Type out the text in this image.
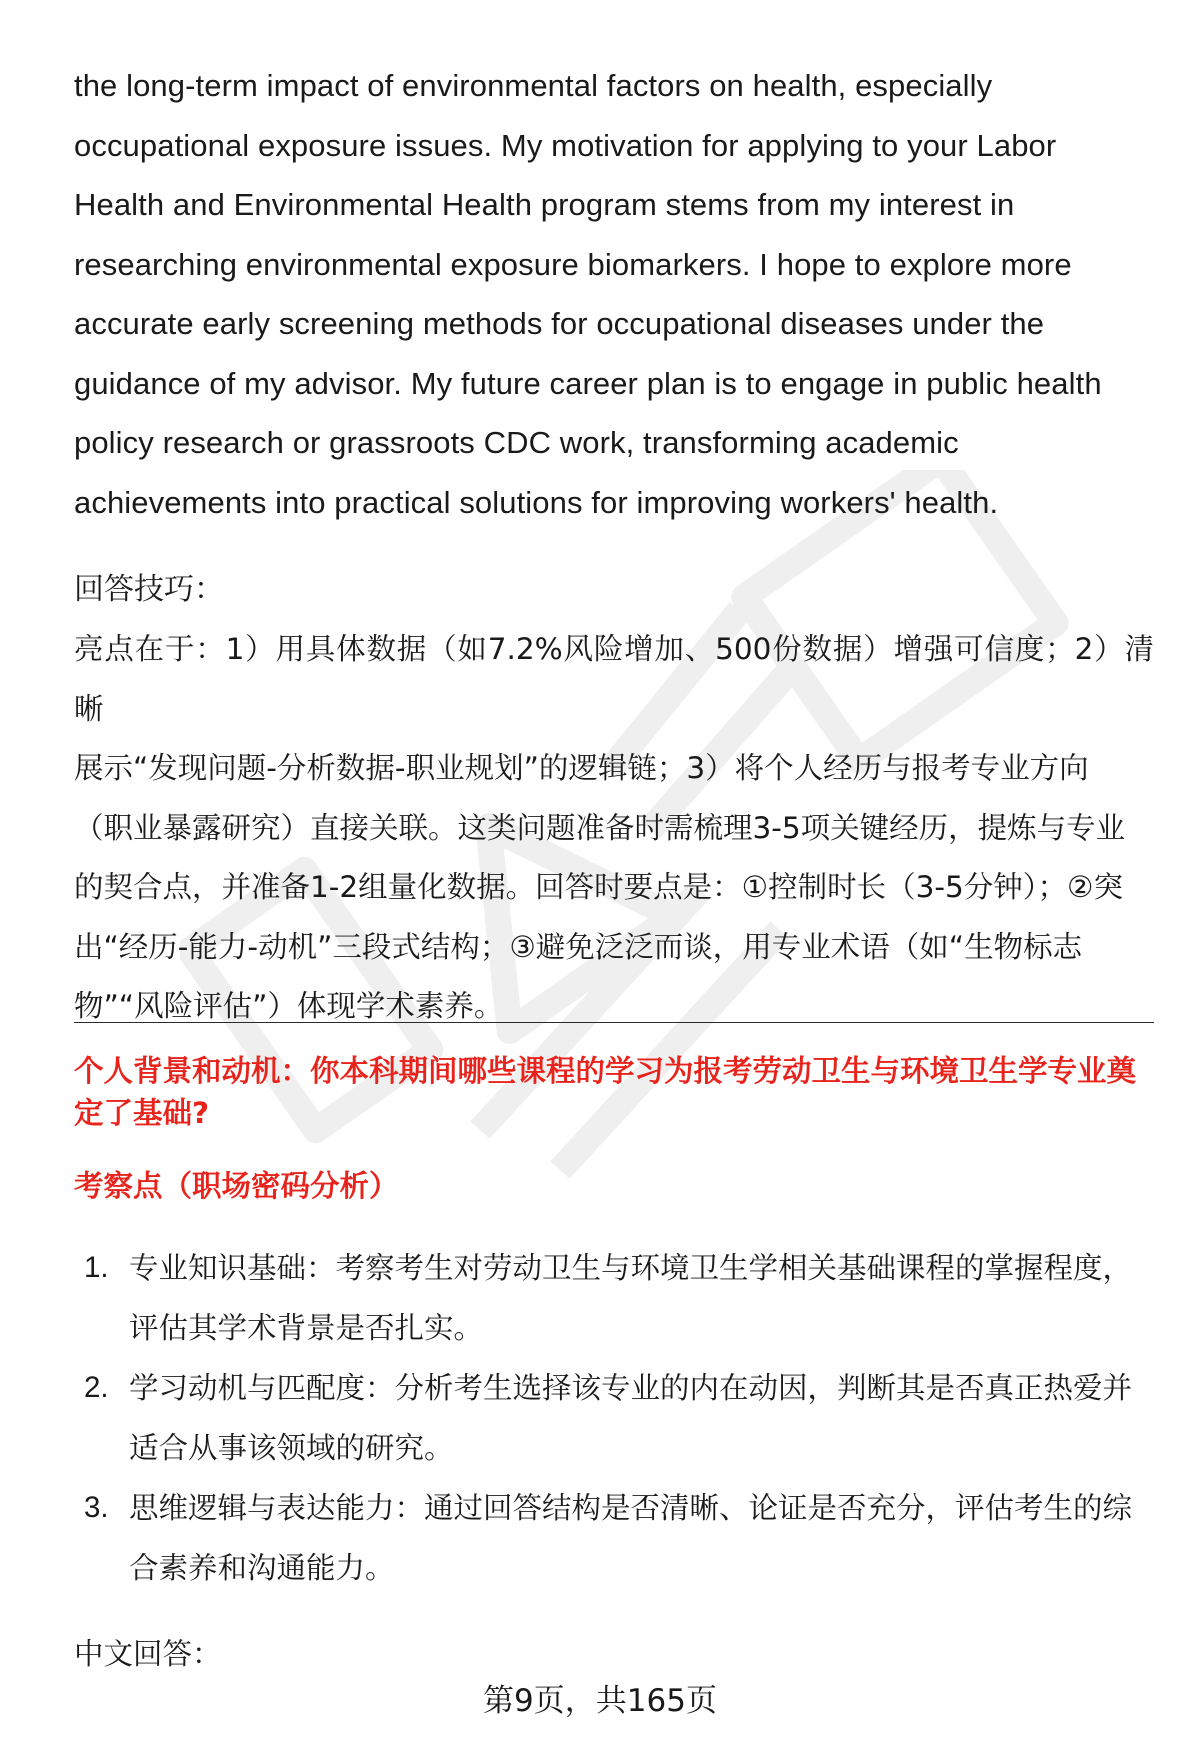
the long-term impact of environmental factors on health, especially

occupational exposure issues. My motivation for applying to your Labor

Health and Environmental Health program stems from my interest in

researching environmental exposure biomarkers. I hope to explore more

accurate early screening methods for occupational diseases under the

guidance of my advisor. My future career plan is to engage in public health

policy research or grassroots CDC work, transforming academic

achievements into practical solutions for improving workers' health.

回答技巧：

亮点在于：1）用具体数据（如7.2%风险增加、500份数据）增强可信度；2）清晰

展示“发现问题-分析数据-职业规划”的逻辑链；3）将个人经历与报考专业方向

（职业暴露研究）直接关联。这类问题准备时需梳理3-5项关键经历，提炼与专业

的契合点，并准备1-2组量化数据。回答时要点是：①控制时长（3-5分钟）；②突

出“经历-能力-动机”三段式结构；③避免泛泛而谈，用专业术语（如“生物标志

物”“风险评估”）体现学术素养。

个人背景和动机：你本科期间哪些课程的学习为报考劳动卫生与环境卫生学专业奠
定了基础?

考察点（职场密码分析）

1. 专业知识基础：考察考生对劳动卫生与环境卫生学相关基础课程的掌握程度，
评估其学术背景是否扎实。
2. 学习动机与匹配度：分析考生选择该专业的内在动因，判断其是否真正热爱并
适合从事该领域的研究。
3. 思维逻辑与表达能力：通过回答结构是否清晰、论证是否充分，评估考生的综
合素养和沟通能力。

中文回答：

第9页，共165页
